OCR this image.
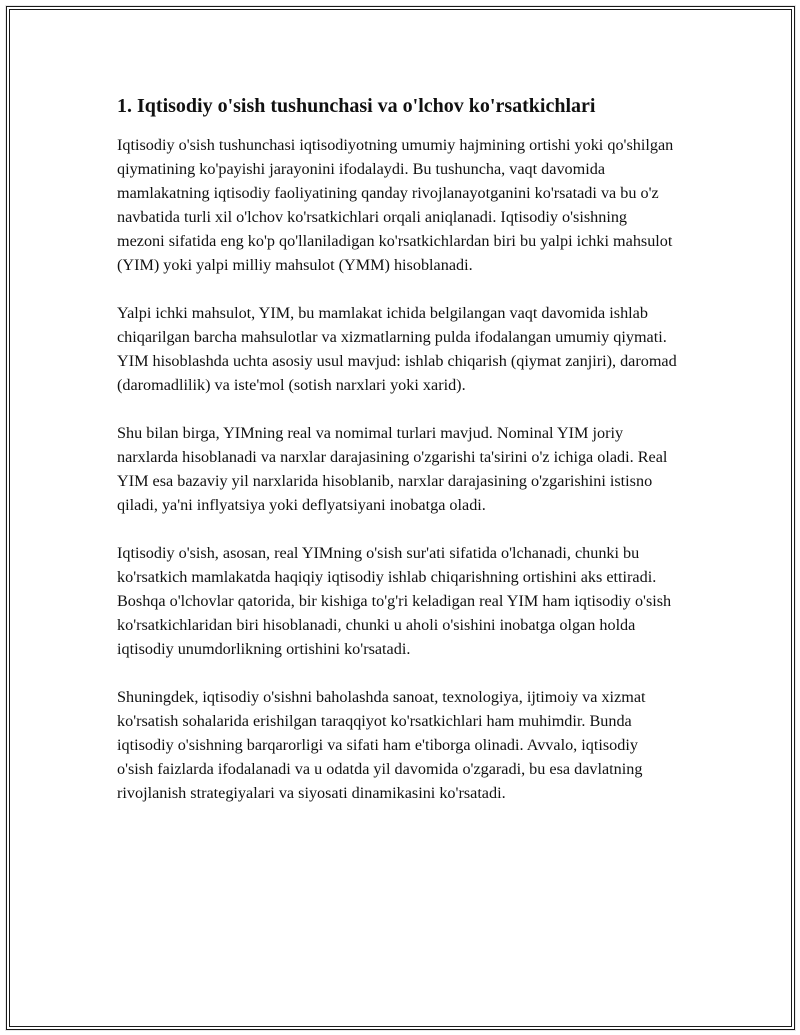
1. Iqtisodiy o'sish tushunchasi va o'lchov ko'rsatkichlari

Iqtisodiy o'sish tushunchasi iqtisodiyotning umumiy hajmining ortishi yoki qo'shilgan qiymatining ko'payishi jarayonini ifodalaydi. Bu tushuncha, vaqt davomida mamlakatning iqtisodiy faoliyatining qanday rivojlanayotganini ko'rsatadi va bu o'z navbatida turli xil o'lchov ko'rsatkichlari orqali aniqlanadi. Iqtisodiy o'sishning mezoni sifatida eng ko'p qo'llaniladigan ko'rsatkichlardan biri bu yalpi ichki mahsulot (YIM) yoki yalpi milliy mahsulot (YMM) hisoblanadi.

Yalpi ichki mahsulot, YIM, bu mamlakat ichida belgilangan vaqt davomida ishlab chiqarilgan barcha mahsulotlar va xizmatlarning pulda ifodalangan umumiy qiymati. YIM hisoblashda uchta asosiy usul mavjud: ishlab chiqarish (qiymat zanjiri), daromad (daromadlilik) va iste'mol (sotish narxlari yoki xarid).

Shu bilan birga, YIMning real va nomimal turlari mavjud. Nominal YIM joriy narxlarda hisoblanadi va narxlar darajasining o'zgarishi ta'sirini o'z ichiga oladi. Real YIM esa bazaviy yil narxlarida hisoblanib, narxlar darajasining o'zgarishini istisno qiladi, ya'ni inflyatsiya yoki deflyatsiyani inobatga oladi.

Iqtisodiy o'sish, asosan, real YIMning o'sish sur'ati sifatida o'lchanadi, chunki bu ko'rsatkich mamlakatda haqiqiy iqtisodiy ishlab chiqarishning ortishini aks ettiradi. Boshqa o'lchovlar qatorida, bir kishiga to'g'ri keladigan real YIM ham iqtisodiy o'sish ko'rsatkichlaridan biri hisoblanadi, chunki u aholi o'sishini inobatga olgan holda iqtisodiy unumdorlikning ortishini ko'rsatadi.

Shuningdek, iqtisodiy o'sishni baholashda sanoat, texnologiya, ijtimoiy va xizmat ko'rsatish sohalarida erishilgan taraqqiyot ko'rsatkichlari ham muhimdir. Bunda iqtisodiy o'sishning barqarorligi va sifati ham e'tiborga olinadi. Avvalo, iqtisodiy o'sish faizlarda ifodalanadi va u odatda yil davomida o'zgaradi, bu esa davlatning rivojlanish strategiyalari va siyosati dinamikasini ko'rsatadi.
